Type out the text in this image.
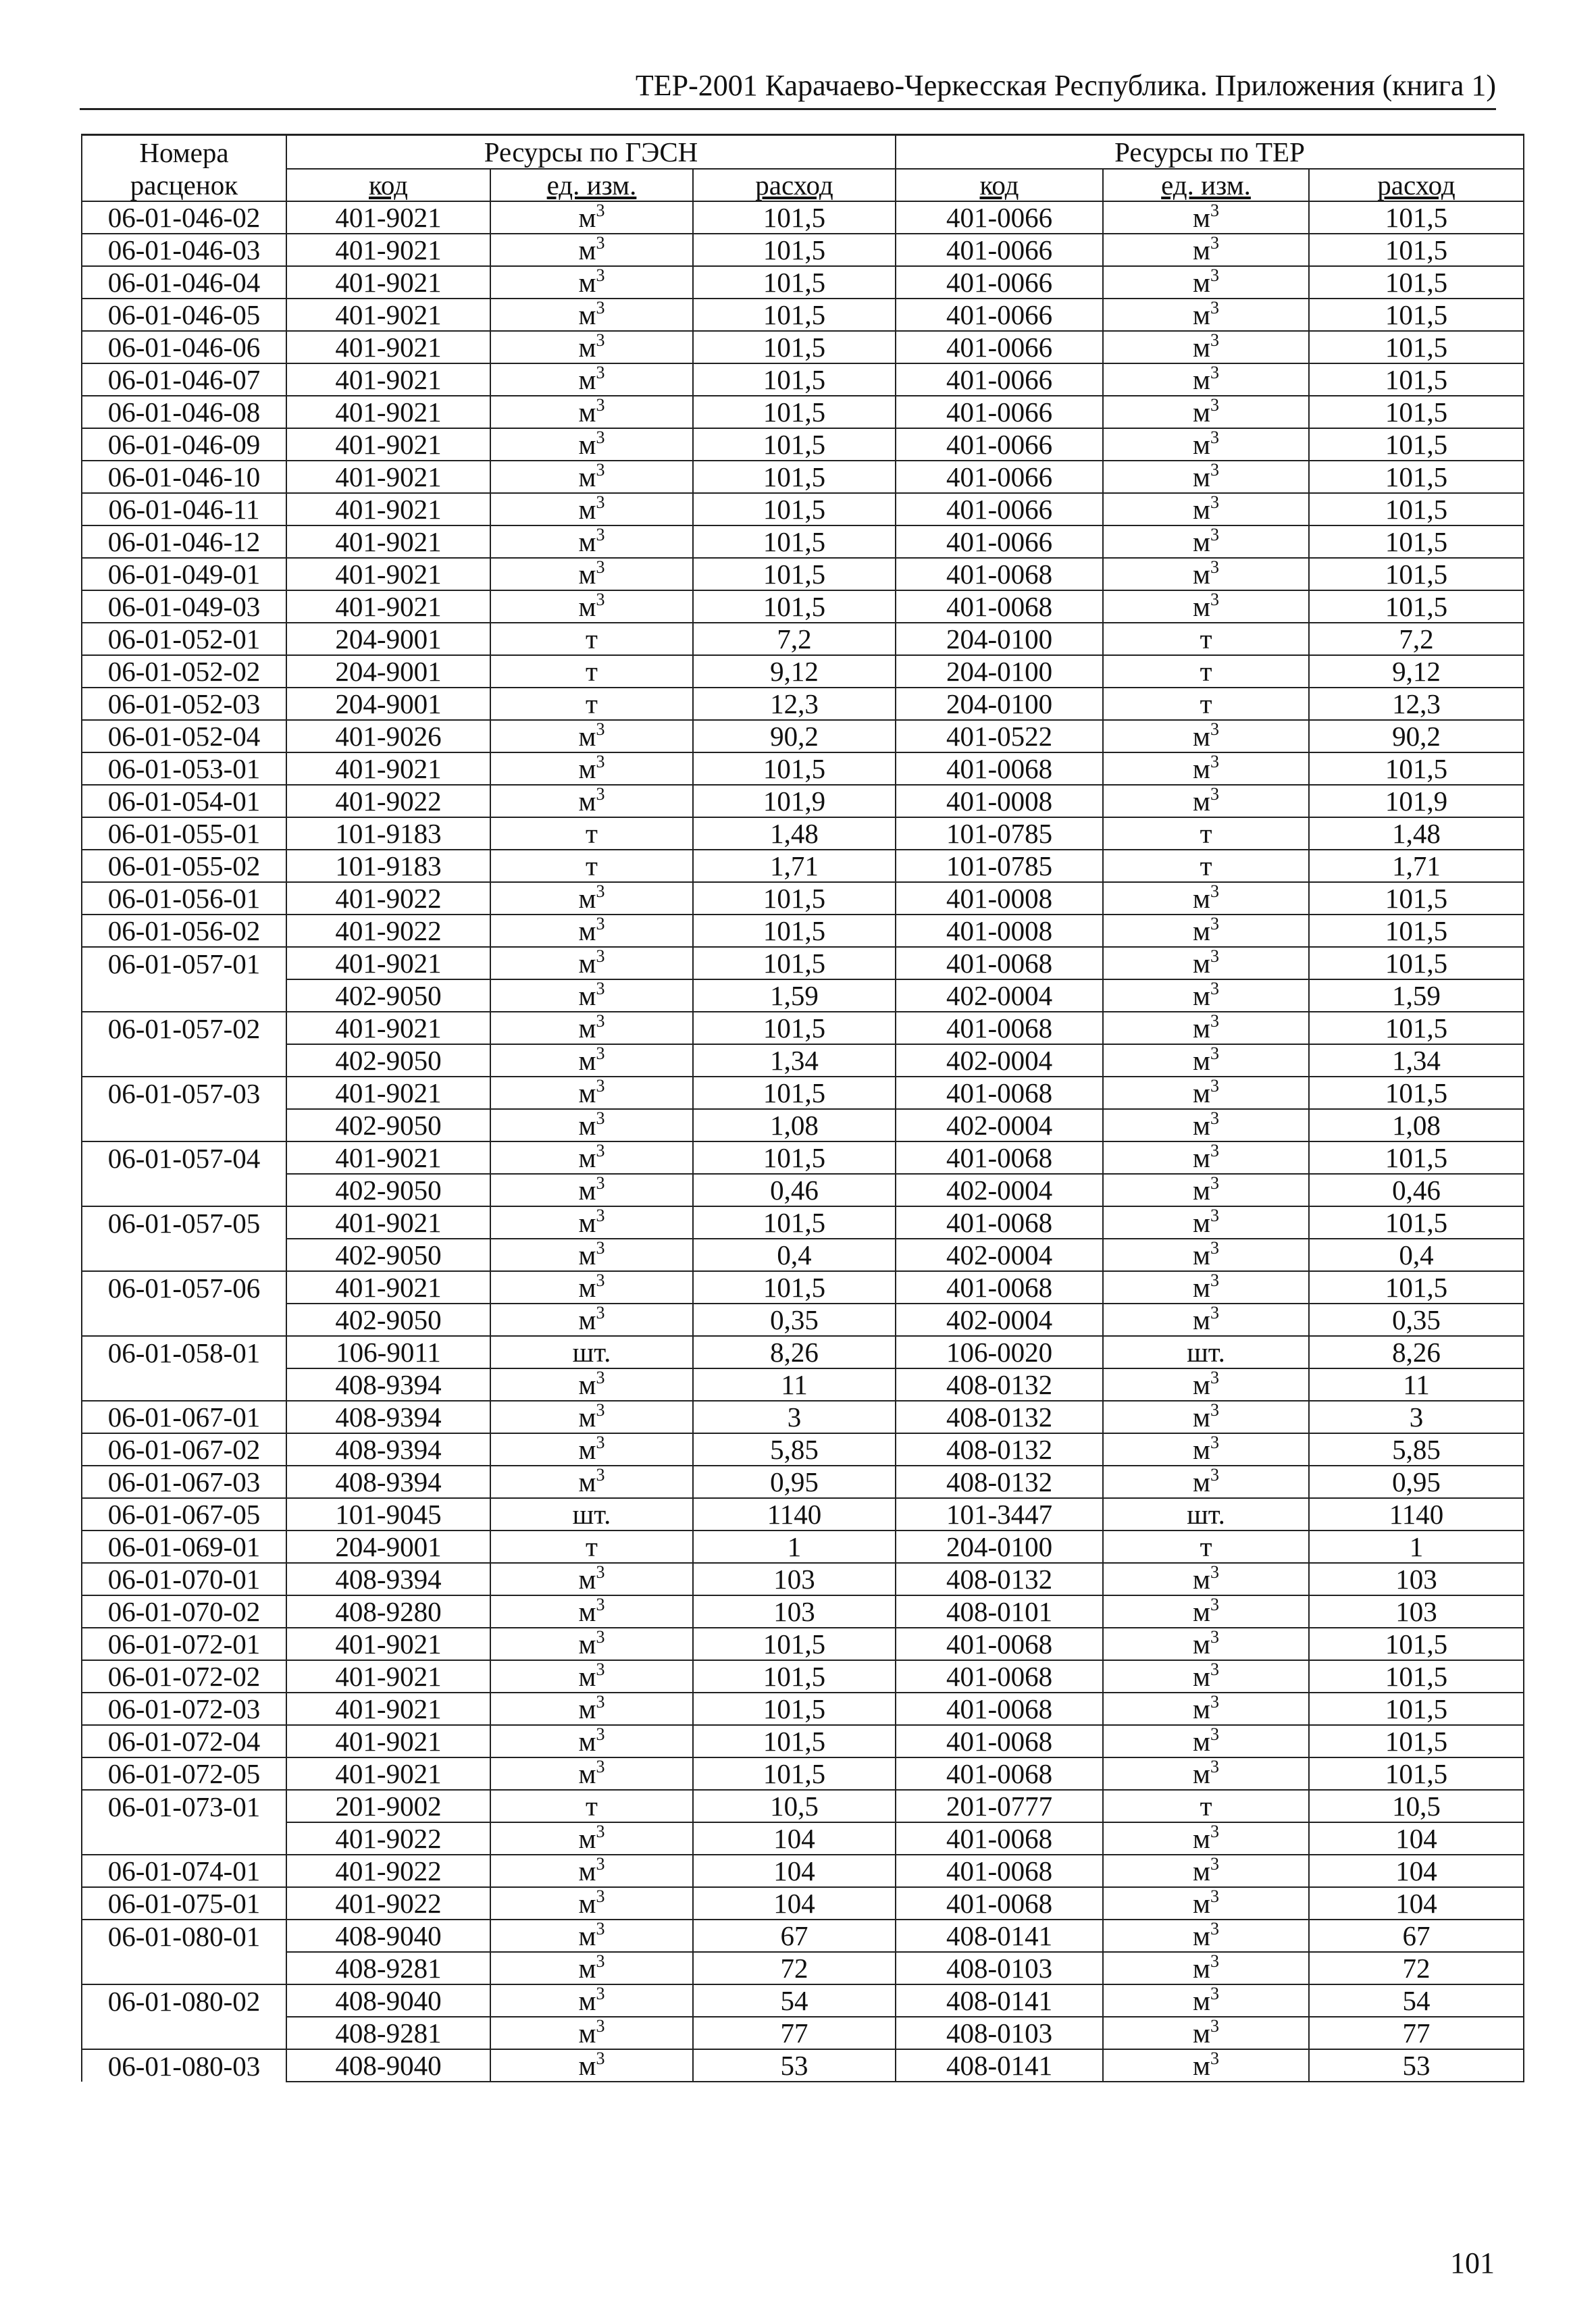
ТЕР-2001 Карачаево-Черкесская Республика. Приложения (книга 1)
Номера	Ресурсы по ГЭСН			Ресурсы по ТЕР		
расценок	код	ед. изм.	расход	код	ед. изм.	расход
06-01-046-02	401-9021	$м^3$	101,5	401-0066	$м^3$	101,5
06-01-046-03	401-9021	$м^3$	101,5	401-0066	$м^3$	101,5
06-01-046-04	401-9021	$м^3$	101,5	401-0066	$м^3$	101,5
06-01-046-05	401-9021	$м^3$	101,5	401-0066	$м^3$	101,5
06-01-046-06	401-9021	$м^3$	101,5	401-0066	$м^3$	101,5
06-01-046-07	401-9021	$м^3$	101,5	401-0066	$м^3$	101,5
06-01-046-08	401-9021	$м^3$	101,5	401-0066	$м^3$	101,5
06-01-046-09	401-9021	$м^3$	101,5	401-0066	$м^3$	101,5
06-01-046-10	401-9021	$м^3$	101,5	401-0066	$м^3$	101,5
06-01-046-11	401-9021	$м^3$	101,5	401-0066	$м^3$	101,5
06-01-046-12	401-9021	$м^3$	101,5	401-0066	$м^3$	101,5
06-01-049-01	401-9021	$м^3$	101,5	401-0068	$м^3$	101,5
06-01-049-03	401-9021	$м^3$	101,5	401-0068	$м^3$	101,5
06-01-052-01	204-9001	т	7,2	204-0100	т	7,2
06-01-052-02	204-9001	т	9,12	204-0100	т	9,12
06-01-052-03	204-9001	т	12,3	204-0100	т	12,3
06-01-052-04	401-9026	$м^3$	90,2	401-0522	$м^3$	90,2
06-01-053-01	401-9021	$м^3$	101,5	401-0068	$м^3$	101,5
06-01-054-01	401-9022	$м^3$	101,9	401-0008	$м^3$	101,9
06-01-055-01	101-9183	т	1,48	101-0785	т	1,48
06-01-055-02	101-9183	т	1,71	101-0785	т	1,71
06-01-056-01	401-9022	$м^3$	101,5	401-0008	$м^3$	101,5
06-01-056-02	401-9022	$м^3$	101,5	401-0008	$м^3$	101,5
06-01-057-01	401-9021	$м^3$	101,5	401-0068	$м^3$	101,5
	402-9050	$м^3$	1,59	402-0004	$м^3$	1,59
06-01-057-02	401-9021	$м^3$	101,5	401-0068	$м^3$	101,5
	402-9050	$м^3$	1,34	402-0004	$м^3$	1,34
06-01-057-03	401-9021	$м^3$	101,5	401-0068	$м^3$	101,5
	402-9050	$м^3$	1,08	402-0004	$м^3$	1,08
06-01-057-04	401-9021	$м^3$	101,5	401-0068	$м^3$	101,5
	402-9050	$м^3$	0,46	402-0004	$м^3$	0,46
06-01-057-05	401-9021	$м^3$	101,5	401-0068	$м^3$	101,5
	402-9050	$м^3$	0,4	402-0004	$м^3$	0,4
06-01-057-06	401-9021	$м^3$	101,5	401-0068	$м^3$	101,5
	402-9050	$м^3$	0,35	402-0004	$м^3$	0,35
06-01-058-01	106-9011	шт.	8,26	106-0020	шт.	8,26
	408-9394	$м^3$	11	408-0132	$м^3$	11
06-01-067-01	408-9394	$м^3$	3	408-0132	$м^3$	3
06-01-067-02	408-9394	$м^3$	5,85	408-0132	$м^3$	5,85
06-01-067-03	408-9394	$м^3$	0,95	408-0132	$м^3$	0,95
06-01-067-05	101-9045	шт.	1140	101-3447	шт.	1140
06-01-069-01	204-9001	т	1	204-0100	т	1
06-01-070-01	408-9394	$м^3$	103	408-0132	$м^3$	103
06-01-070-02	408-9280	$м^3$	103	408-0101	$м^3$	103
06-01-072-01	401-9021	$м^3$	101,5	401-0068	$м^3$	101,5
06-01-072-02	401-9021	$м^3$	101,5	401-0068	$м^3$	101,5
06-01-072-03	401-9021	$м^3$	101,5	401-0068	$м^3$	101,5
06-01-072-04	401-9021	$м^3$	101,5	401-0068	$м^3$	101,5
06-01-072-05	401-9021	$м^3$	101,5	401-0068	$м^3$	101,5
06-01-073-01	201-9002	т	10,5	201-0777	т	10,5
	401-9022	$м^3$	104	401-0068	$м^3$	104
06-01-074-01	401-9022	$м^3$	104	401-0068	$м^3$	104
06-01-075-01	401-9022	$м^3$	104	401-0068	$м^3$	104
06-01-080-01	408-9040	$м^3$	67	408-0141	$м^3$	67
	408-9281	$м^3$	72	408-0103	$м^3$	72
06-01-080-02	408-9040	$м^3$	54	408-0141	$м^3$	54
	408-9281	$м^3$	77	408-0103	$м^3$	77
06-01-080-03	408-9040	$м^3$	53	408-0141	$м^3$	53
101
